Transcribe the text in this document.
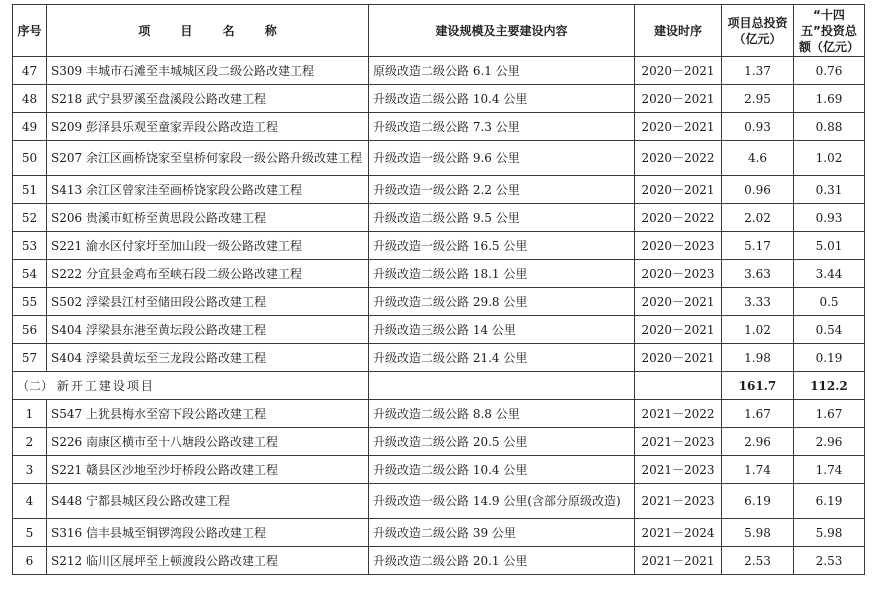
序号	项 目 名 称	建设规模及主要建设内容	建设时序	项目总投资（亿元）	“十四五”投资总额（亿元）
47	S309 丰城市石滩至丰城城区段二级公路改建工程	原级改造二级公路 6.1 公里	2020－2021	1.37	0.76
48	S218 武宁县罗溪至盘溪段公路改建工程	升级改造二级公路 10.4 公里	2020－2021	2.95	1.69
49	S209 彭泽县乐观至童家弄段公路改造工程	升级改造二级公路 7.3 公里	2020－2021	0.93	0.88
50	S207 余江区画桥饶家至皇桥何家段一级公路升级改建工程	升级改造一级公路 9.6 公里	2020－2022	4.6	1.02
51	S413 余江区曾家洼至画桥饶家段公路改建工程	升级改造一级公路 2.2 公里	2020－2021	0.96	0.31
52	S206 贵溪市虹桥至黄思段公路改建工程	升级改造二级公路 9.5 公里	2020－2022	2.02	0.93
53	S221 渝水区付家圩至加山段一级公路改建工程	升级改造一级公路 16.5 公里	2020－2023	5.17	5.01
54	S222 分宜县金鸡布至峡石段二级公路改建工程	升级改造二级公路 18.1 公里	2020－2023	3.63	3.44
55	S502 浮梁县江村至储田段公路改建工程	升级改造二级公路 29.8 公里	2020－2021	3.33	0.5
56	S404 浮梁县东港至黄坛段公路改建工程	升级改造三级公路 14 公里	2020－2021	1.02	0.54
57	S404 浮梁县黄坛至三龙段公路改建工程	升级改造二级公路 21.4 公里	2020－2021	1.98	0.19
（二） 新开工建设项目				161.7	112.2
1	S547 上犹县梅水至窑下段公路改建工程	升级改造二级公路 8.8 公里	2021－2022	1.67	1.67
2	S226 南康区横市至十八塘段公路改建工程	升级改造二级公路 20.5 公里	2021－2023	2.96	2.96
3	S221 赣县区沙地至沙圩桥段公路改建工程	升级改造二级公路 10.4 公里	2021－2023	1.74	1.74
4	S448 宁都县城区段公路改建工程	升级改造一级公路 14.9 公里(含部分原级改造)	2021－2023	6.19	6.19
5	S316 信丰县城至铜锣湾段公路改建工程	升级改造二级公路 39 公里	2021－2024	5.98	5.98
6	S212 临川区展坪至上顿渡段公路改建工程	升级改造二级公路 20.1 公里	2021－2021	2.53	2.53
